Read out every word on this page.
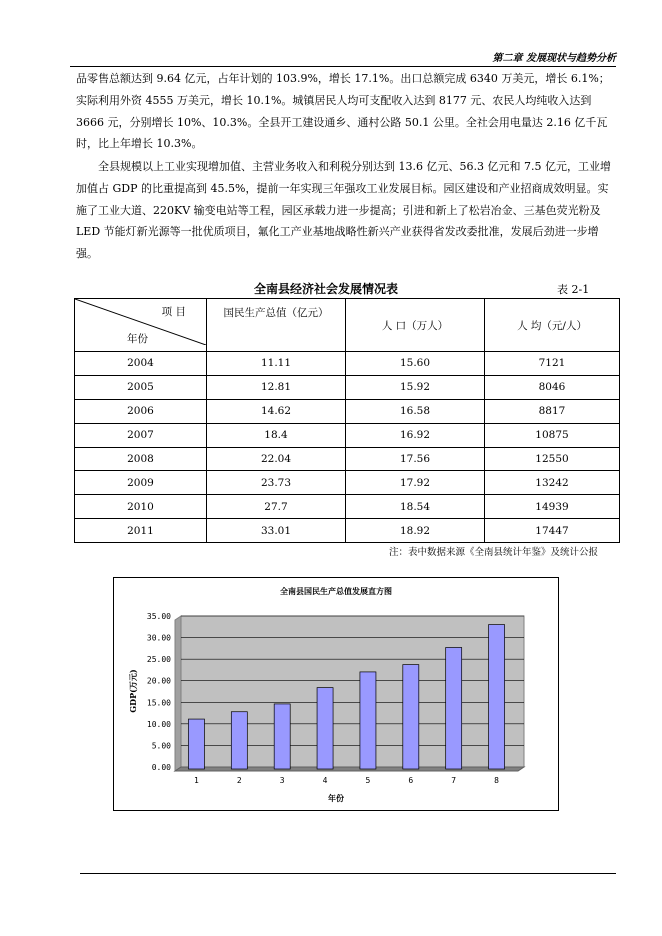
第二章 发展现状与趋势分析

品零售总额达到 9.64 亿元，占年计划的 103.9%，增长 17.1%。出口总额完成 6340 万美元，增长 6.1%；实际利用外资 4555 万美元，增长 10.1%。城镇居民人均可支配收入达到 8177 元、农民人均纯收入达到 3666 元，分别增长 10%、10.3%。全县开工建设通乡、通村公路 50.1 公里。全社会用电量达 2.16 亿千瓦时，比上年增长 10.3%。

全县规模以上工业实现增加值、主营业务收入和利税分别达到 13.6 亿元、56.3 亿元和 7.5 亿元，工业增加值占 GDP 的比重提高到 45.5%，提前一年实现三年强攻工业发展目标。园区建设和产业招商成效明显。实施了工业大道、220KV 输变电站等工程，园区承载力进一步提高；引进和新上了松岩冶金、三基色荧光粉及 LED 节能灯新光源等一批优质项目，氟化工产业基地战略性新兴产业获得省发改委批准，发展后劲进一步增强。

全南县经济社会发展情况表	表 2-1
项 目
年份	国民生产总值（亿元）	人 口（万人）	人 均（元/人）
2004	11.11	15.60	7121
2005	12.81	15.92	8046
2006	14.62	16.58	8817
2007	18.4	16.92	10875
2008	22.04	17.56	12550
2009	23.73	17.92	13242
2010	27.7	18.54	14939
2011	33.01	18.92	17447
注：表中数据来源《全南县统计年鉴》及统计公报
0.00
5.00
10.00
15.00
20.00
25.00
30.00
35.00
1	2	3	4	5	6	7	8
全南县国民生产总值发展直方图
年份
GDP(万元)
